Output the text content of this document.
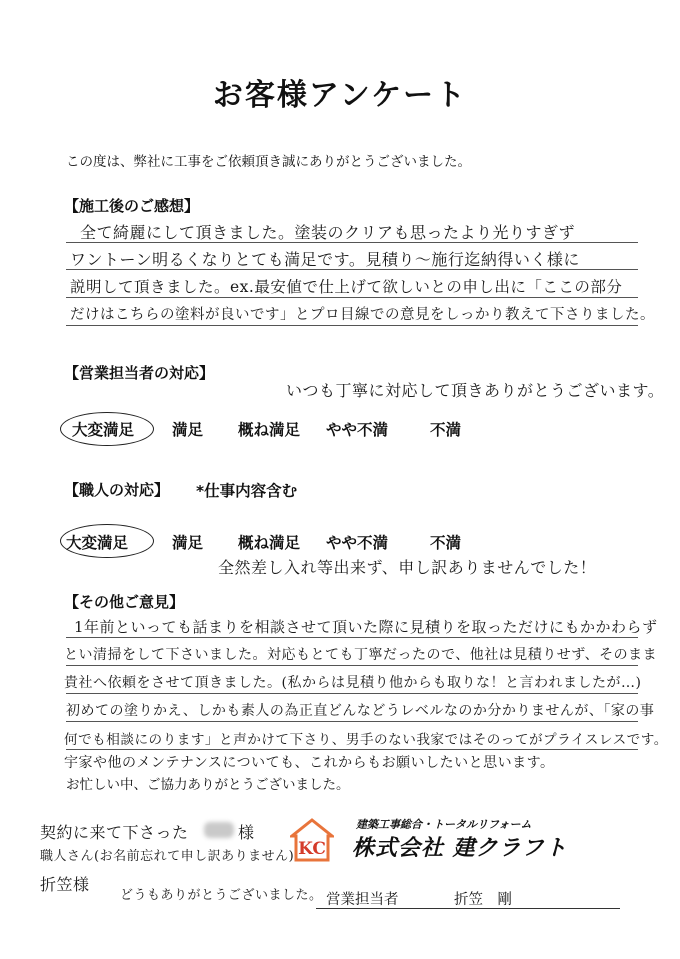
お客様アンケート
この度は、弊社に工事をご依頼頂き誠にありがとうございました。
【施工後のご感想】
全て綺麗にして頂きました。塗装のクリアも思ったより光りすぎず
ワントーン明るくなりとても満足です。見積り～施行迄納得いく様に
説明して頂きました。ex.最安値で仕上げて欲しいとの申し出に「ここの部分
だけはこちらの塗料が良いです」とプロ目線での意見をしっかり教えて下さりました。
【営業担当者の対応】
いつも丁寧に対応して頂きありがとうございます。
大変満足 満足 概ね満足 やや不満	不満
【職人の対応】 *仕事内容含む
大変満足	満足 概ね満足 やや不満	不満
全然差し入れ等出来ず、申し訳ありませんでした！
【その他ご意見】
1年前といっても話まりを相談させて頂いた際に見積りを取っただけにもかかわらず
とい清掃をして下さいました。対応もとても丁寧だったので、他社は見積りせず、そのまま
貴社へ依頼をさせて頂きました。(私からは見積り他からも取りな！と言われましたが…)
初めての塗りかえ、しかも素人の為正直どんなどうレベルなのか分かりませんが、「家の事
何でも相談にのります」と声かけて下さり、男手のない我家ではそのってがプライスレスです。
宇家や他のメンテナンスについても、これからもお願いしたいと思います。
お忙しい中、ご協力ありがとうございました。
契約に来て下さった	様
職人さん(お名前忘れて申し訳ありません)
折笠様
どうもありがとうございました。
KC
建築工事総合・トータルリフォーム
株式会社 建クラフト
営業担当者	折笠　剛
